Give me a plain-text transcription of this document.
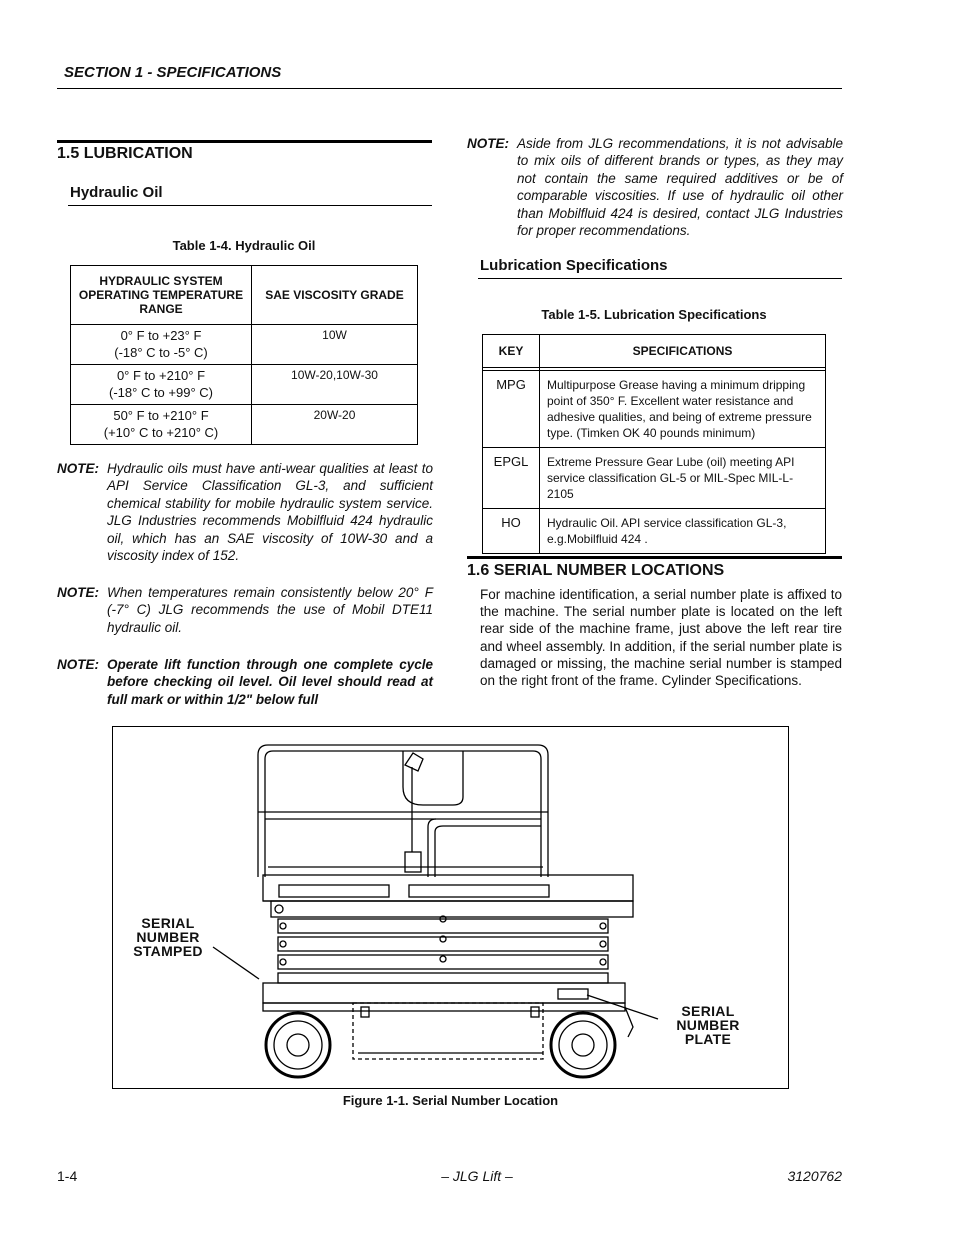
SECTION 1 - SPECIFICATIONS
1.5 LUBRICATION
Hydraulic Oil
Table 1-4. Hydraulic Oil
HYDRAULIC SYSTEM OPERATING TEMPERATURE RANGE	SAE VISCOSITY GRADE
0° F to +23° F
(-18° C to -5° C)	10W
0° F to +210° F
(-18° C to +99° C)	10W-20,10W-30
50° F to +210° F
(+10° C to +210° C)	20W-20
NOTE: Hydraulic oils must have anti-wear qualities at least to API Service Classification GL-3, and sufficient chemical stability for mobile hydraulic system service. JLG Industries recommends Mobilfluid 424 hydraulic oil, which has an SAE viscosity of 10W-30 and a viscosity index of 152.
NOTE: When temperatures remain consistently below 20° F (-7° C) JLG recommends the use of Mobil DTE11 hydraulic oil.
NOTE: Operate lift function through one complete cycle before checking oil level. Oil level should read at full mark or within 1/2" below full
NOTE: Aside from JLG recommendations, it is not advisable to mix oils of different brands or types, as they may not contain the same required additives or be of comparable viscosities. If use of hydraulic oil other than Mobilfluid 424 is desired, contact JLG Industries for proper recommendations.
Lubrication Specifications
Table 1-5. Lubrication Specifications
KEY	SPECIFICATIONS

MPG	Multipurpose Grease having a minimum dripping point of 350° F. Excellent water resistance and adhesive qualities, and being of extreme pressure type. (Timken OK 40 pounds minimum)
EPGL	Extreme Pressure Gear Lube (oil) meeting API service classification GL-5 or MIL-Spec MIL-L-2105
HO	Hydraulic Oil. API service classification GL-3, e.g.Mobilfluid 424 .
1.6 SERIAL NUMBER LOCATIONS
For machine identification, a serial number plate is affixed to the machine. The serial number plate is located on the left rear side of the machine frame, just above the left rear tire and wheel assembly. In addition, if the serial number plate is damaged or missing, the machine serial number is stamped on the right front of the frame. Cylinder Specifications.
SERIAL
NUMBER
STAMPED
SERIAL
NUMBER
PLATE
Figure 1-1. Serial Number Location
1-4	– JLG Lift –	3120762
